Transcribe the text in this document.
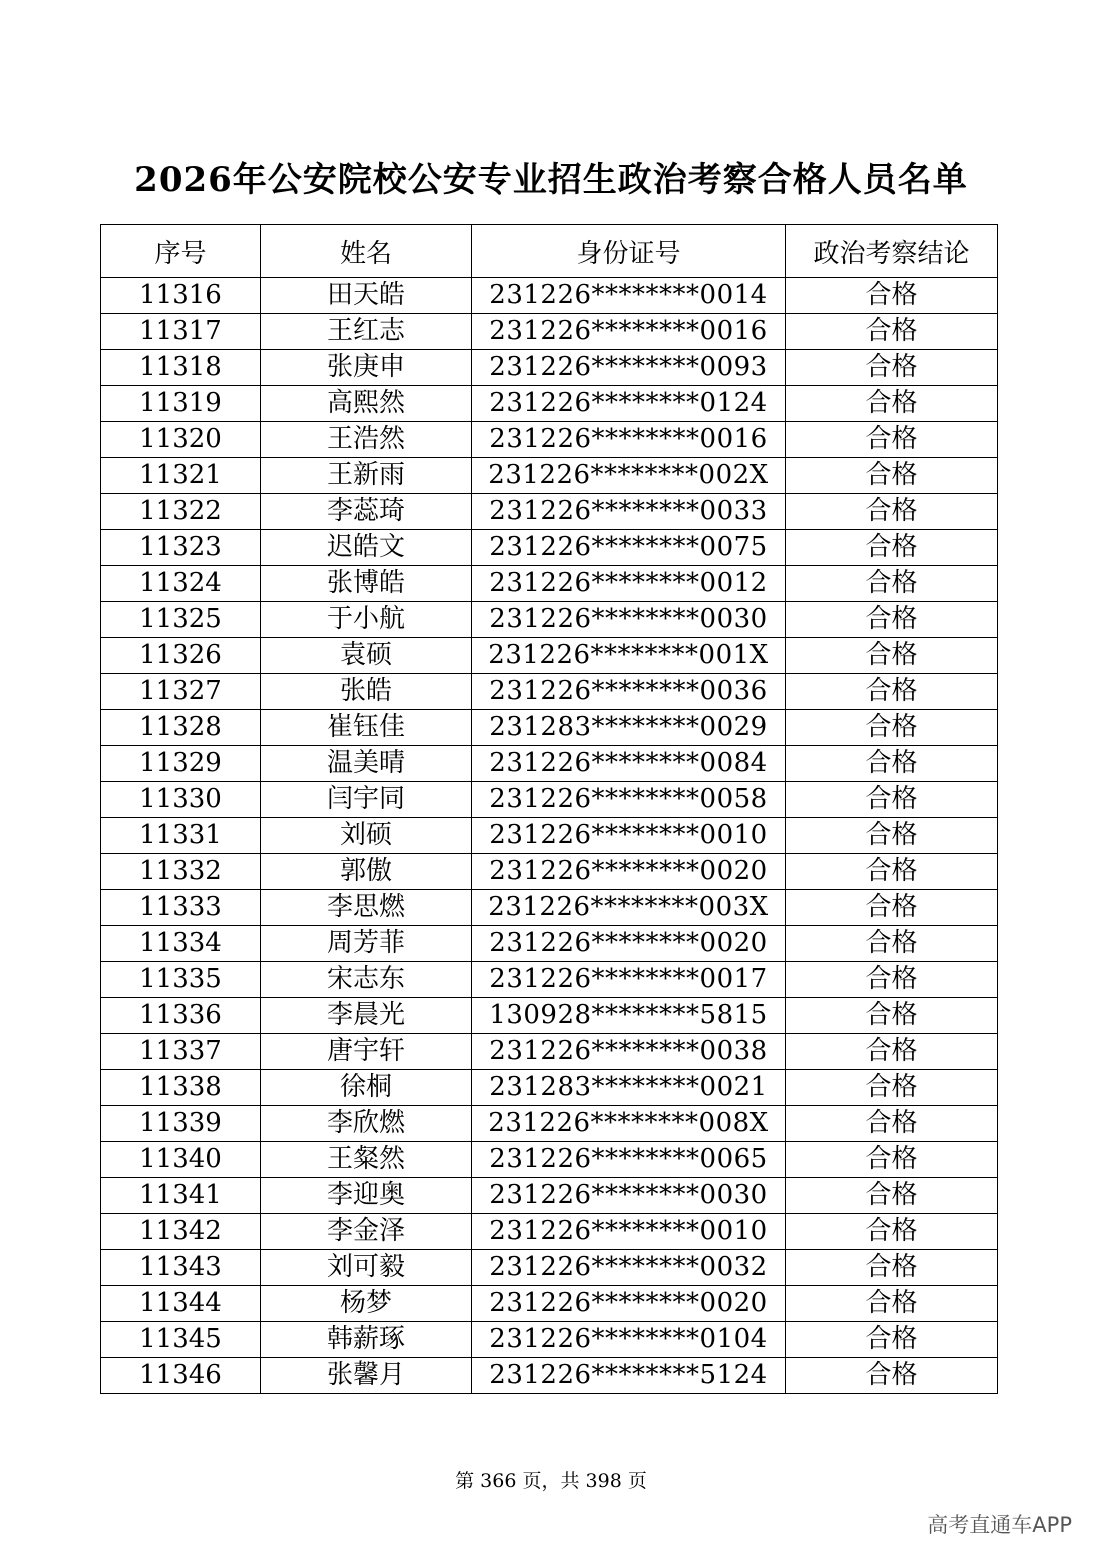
2026年公安院校公安专业招生政治考察合格人员名单
序号	姓名	身份证号	政治考察结论
11316	田天皓	231226********0014	合格
11317	王红志	231226********0016	合格
11318	张庚申	231226********0093	合格
11319	高熙然	231226********0124	合格
11320	王浩然	231226********0016	合格
11321	王新雨	231226********002X	合格
11322	李蕊琦	231226********0033	合格
11323	迟皓文	231226********0075	合格
11324	张博皓	231226********0012	合格
11325	于小航	231226********0030	合格
11326	袁硕	231226********001X	合格
11327	张皓	231226********0036	合格
11328	崔钰佳	231283********0029	合格
11329	温美晴	231226********0084	合格
11330	闫宇同	231226********0058	合格
11331	刘硕	231226********0010	合格
11332	郭傲	231226********0020	合格
11333	李思燃	231226********003X	合格
11334	周芳菲	231226********0020	合格
11335	宋志东	231226********0017	合格
11336	李晨光	130928********5815	合格
11337	唐宇轩	231226********0038	合格
11338	徐桐	231283********0021	合格
11339	李欣燃	231226********008X	合格
11340	王粲然	231226********0065	合格
11341	李迎奥	231226********0030	合格
11342	李金泽	231226********0010	合格
11343	刘可毅	231226********0032	合格
11344	杨梦	231226********0020	合格
11345	韩薪琢	231226********0104	合格
11346	张馨月	231226********5124	合格
第 366 页，共 398 页
高考直通车APP
